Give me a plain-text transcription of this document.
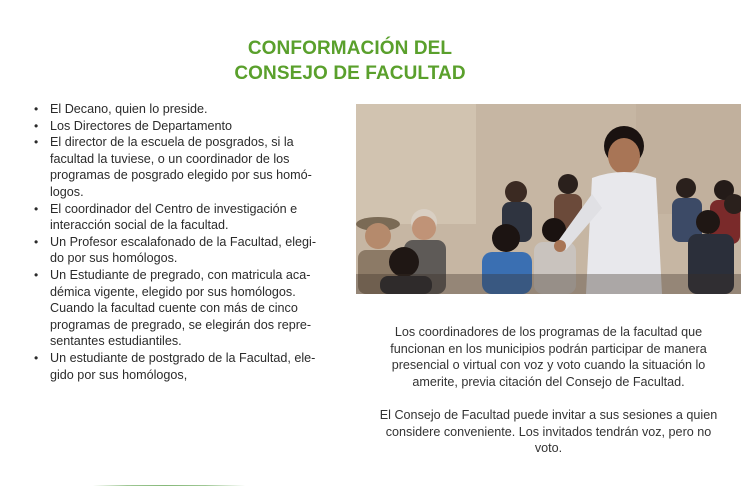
CONFORMACIÓN DEL
CONSEJO DE FACULTAD
• El Decano, quien lo preside.
• Los Directores de Departamento
• El director de la escuela de posgrados, si la
facultad la tuviese, o un coordinador de los
programas de posgrado elegido por sus homó-
logos.
• El coordinador del Centro de investigación e
interacción social de la facultad.
• Un Profesor escalafonado de la Facultad, elegi-
do por sus homólogos.
• Un Estudiante de pregrado, con matricula aca-
démica vigente, elegido por sus homólogos.
Cuando la facultad cuente con más de cinco
programas de pregrado, se elegirán dos repre-
sentantes estudiantiles.
• Un estudiante de postgrado de la Facultad, ele-
gido por sus homólogos,
Los coordinadores de los programas de la facultad que
funcionan en los municipios podrán participar de manera
presencial o virtual con voz y voto cuando la situación lo
amerite, previa citación del Consejo de Facultad.
El Consejo de Facultad puede invitar a sus sesiones a quien
considere conveniente. Los invitados tendrán voz, pero no
voto.
